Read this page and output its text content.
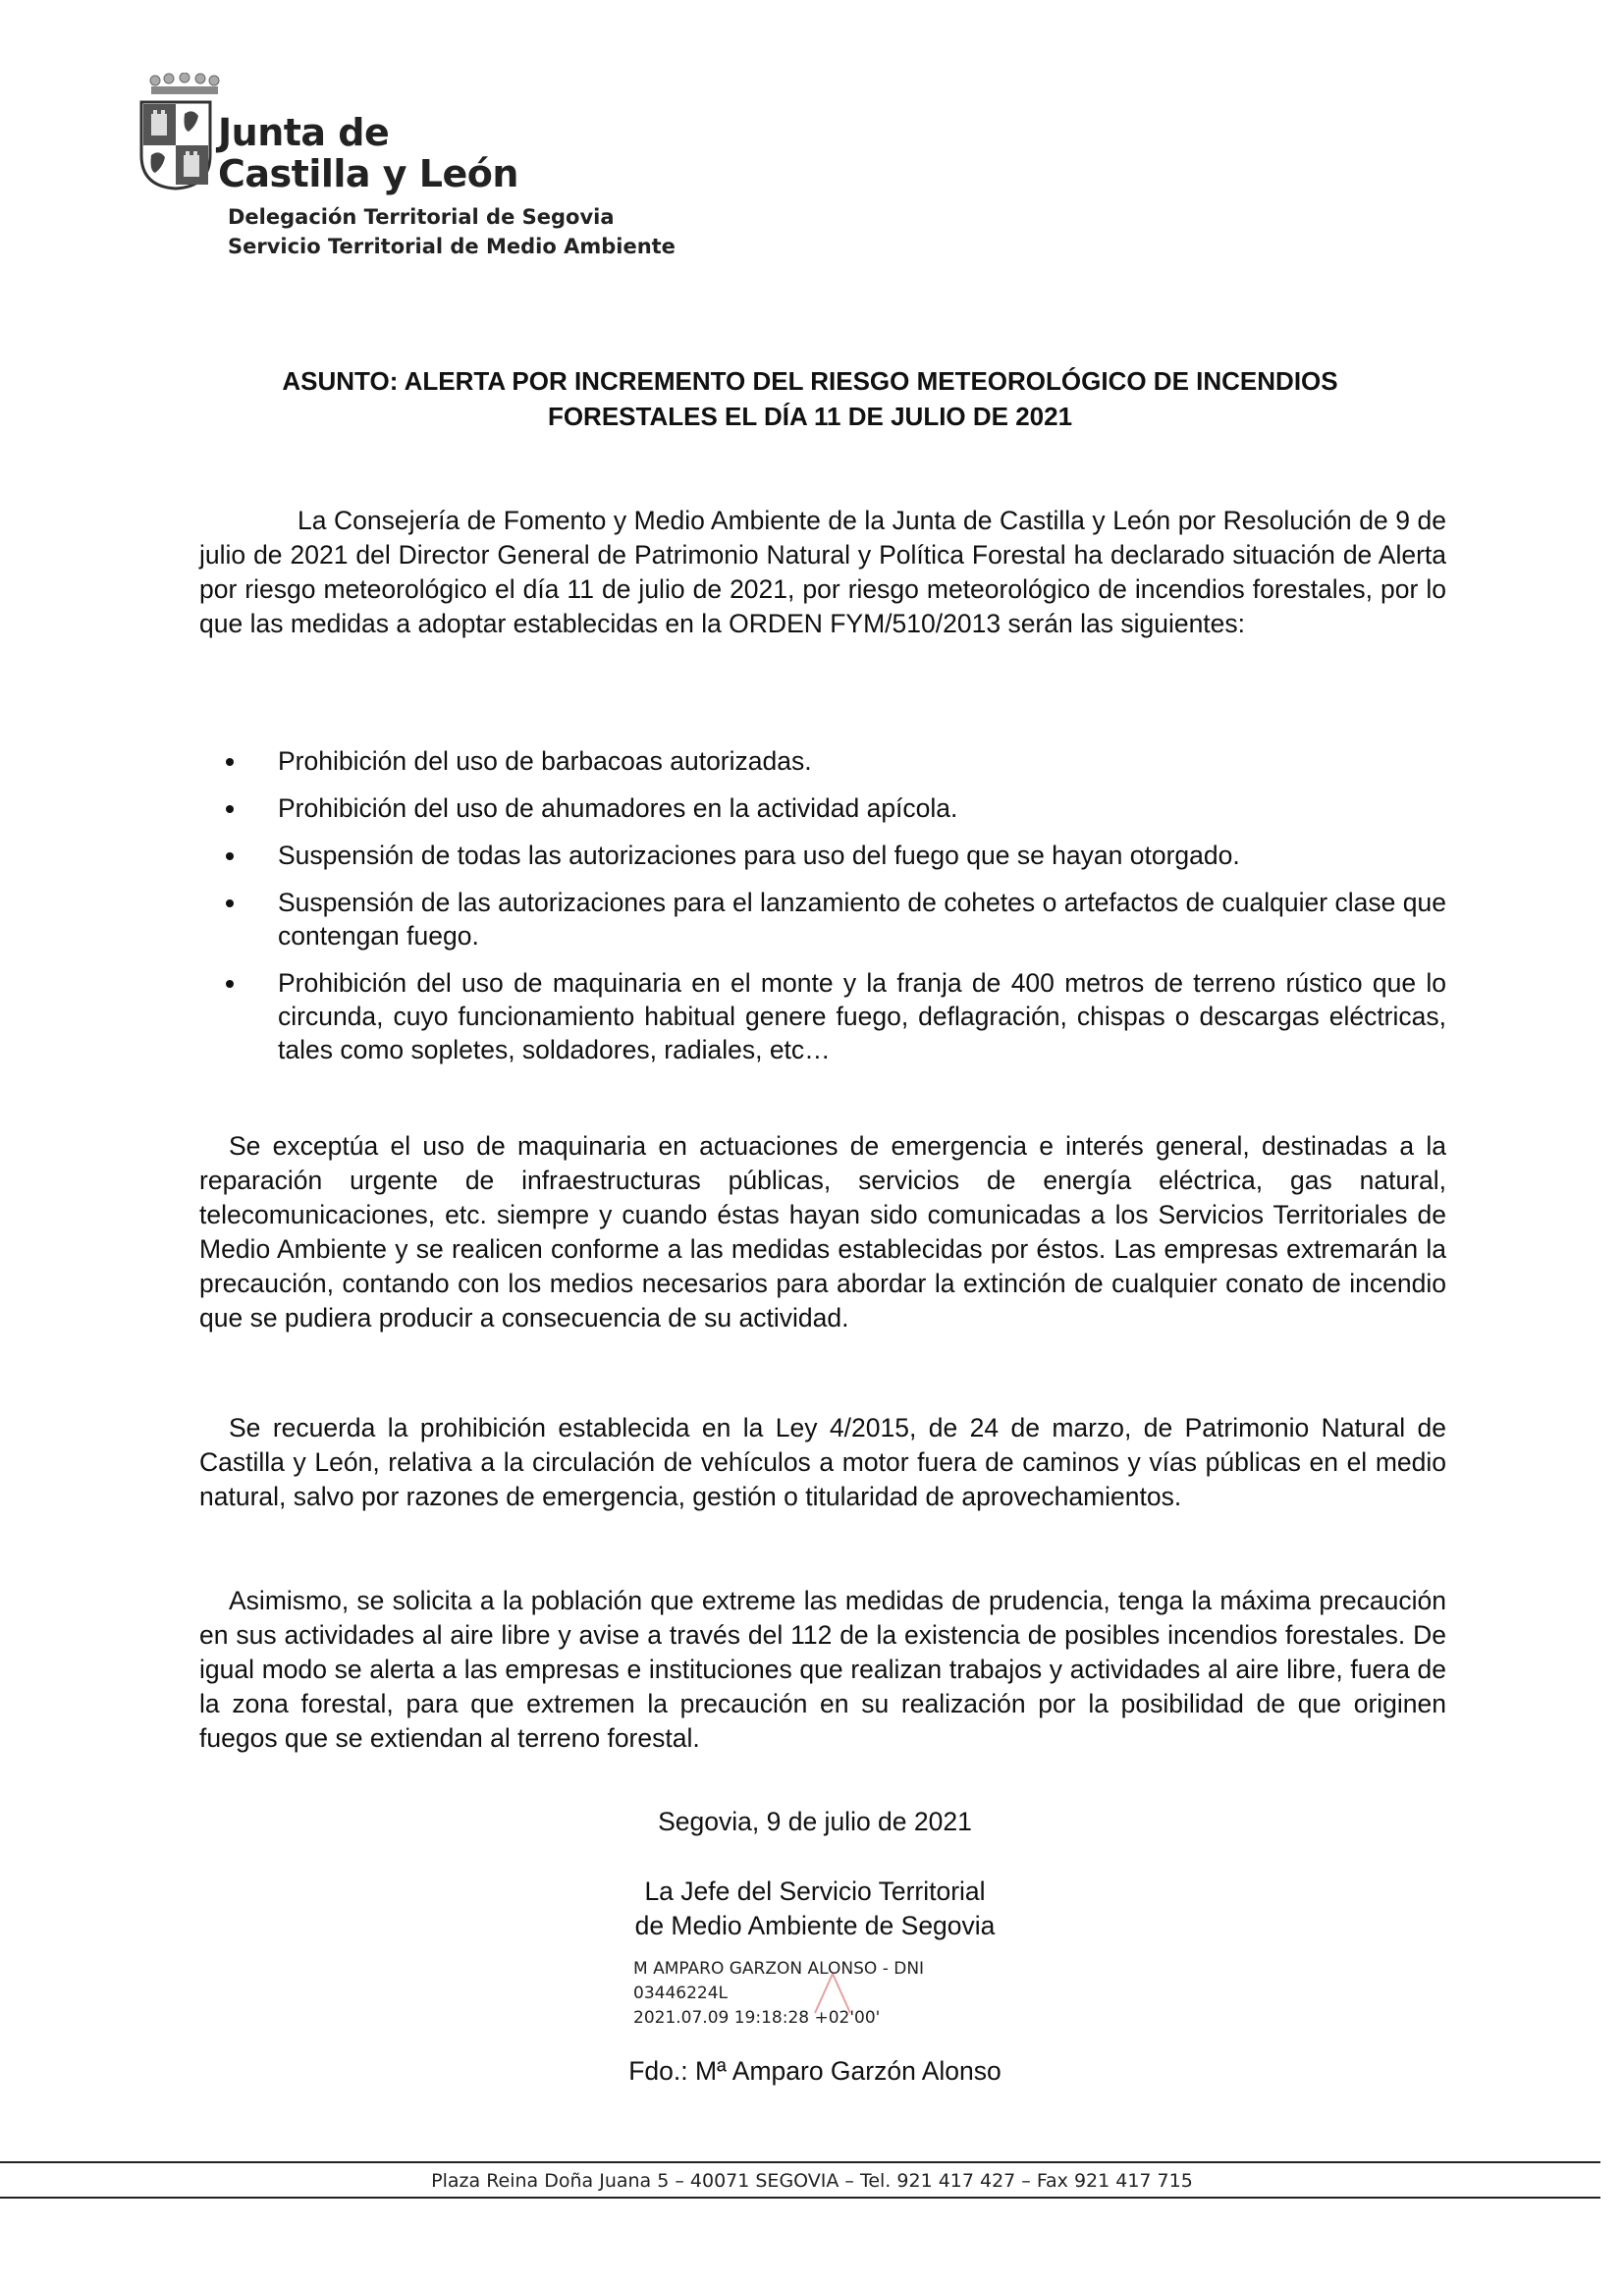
Junta de
Castilla y León
Delegación Territorial de Segovia
Servicio Territorial de Medio Ambiente
ASUNTO: ALERTA POR INCREMENTO DEL RIESGO METEOROLÓGICO DE INCENDIOS
FORESTALES EL DÍA 11 DE JULIO DE 2021
La Consejería de Fomento y Medio Ambiente de la Junta de Castilla y León por Resolución de 9 de julio de 2021 del Director General de Patrimonio Natural y Política Forestal ha declarado situación de Alerta por riesgo meteorológico el día 11 de julio de 2021, por riesgo meteorológico de incendios forestales, por lo que las medidas a adoptar establecidas en la ORDEN FYM/510/2013 serán las siguientes:
Prohibición del uso de barbacoas autorizadas.
Prohibición del uso de ahumadores en la actividad apícola.
Suspensión de todas las autorizaciones para uso del fuego que se hayan otorgado.
Suspensión de las autorizaciones para el lanzamiento de cohetes o artefactos de cualquier clase que contengan fuego.
Prohibición del uso de maquinaria en el monte y la franja de 400 metros de terreno rústico que lo circunda, cuyo funcionamiento habitual genere fuego, deflagración, chispas o descargas eléctricas, tales como sopletes, soldadores, radiales, etc…
Se exceptúa el uso de maquinaria en actuaciones de emergencia e interés general, destinadas a la reparación urgente de infraestructuras públicas, servicios de energía eléctrica, gas natural, telecomunicaciones, etc. siempre y cuando éstas hayan sido comunicadas a los Servicios Territoriales de Medio Ambiente y se realicen conforme a las medidas establecidas por éstos. Las empresas extremarán la precaución, contando con los medios necesarios para abordar la extinción de cualquier conato de incendio que se pudiera producir a consecuencia de su actividad.
Se recuerda la prohibición establecida en la Ley 4/2015, de 24 de marzo, de Patrimonio Natural de Castilla y León, relativa a la circulación de vehículos a motor fuera de caminos y vías públicas en el medio natural, salvo por razones de emergencia, gestión o titularidad de aprovechamientos.
Asimismo, se solicita a la población que extreme las medidas de prudencia, tenga la máxima precaución en sus actividades al aire libre y avise a través del 112 de la existencia de posibles incendios forestales. De igual modo se alerta a las empresas e instituciones que realizan trabajos y actividades al aire libre, fuera de la zona forestal, para que extremen la precaución en su realización por la posibilidad de que originen fuegos que se extiendan al terreno forestal.
Segovia, 9 de julio de 2021
La Jefe del Servicio Territorial
de Medio Ambiente de Segovia
M AMPARO GARZON ALONSO - DNI
03446224L
2021.07.09 19:18:28 +02'00'
Fdo.: Mª Amparo Garzón Alonso
Plaza Reina Doña Juana 5 – 40071 SEGOVIA – Tel. 921 417 427 – Fax 921 417 715
